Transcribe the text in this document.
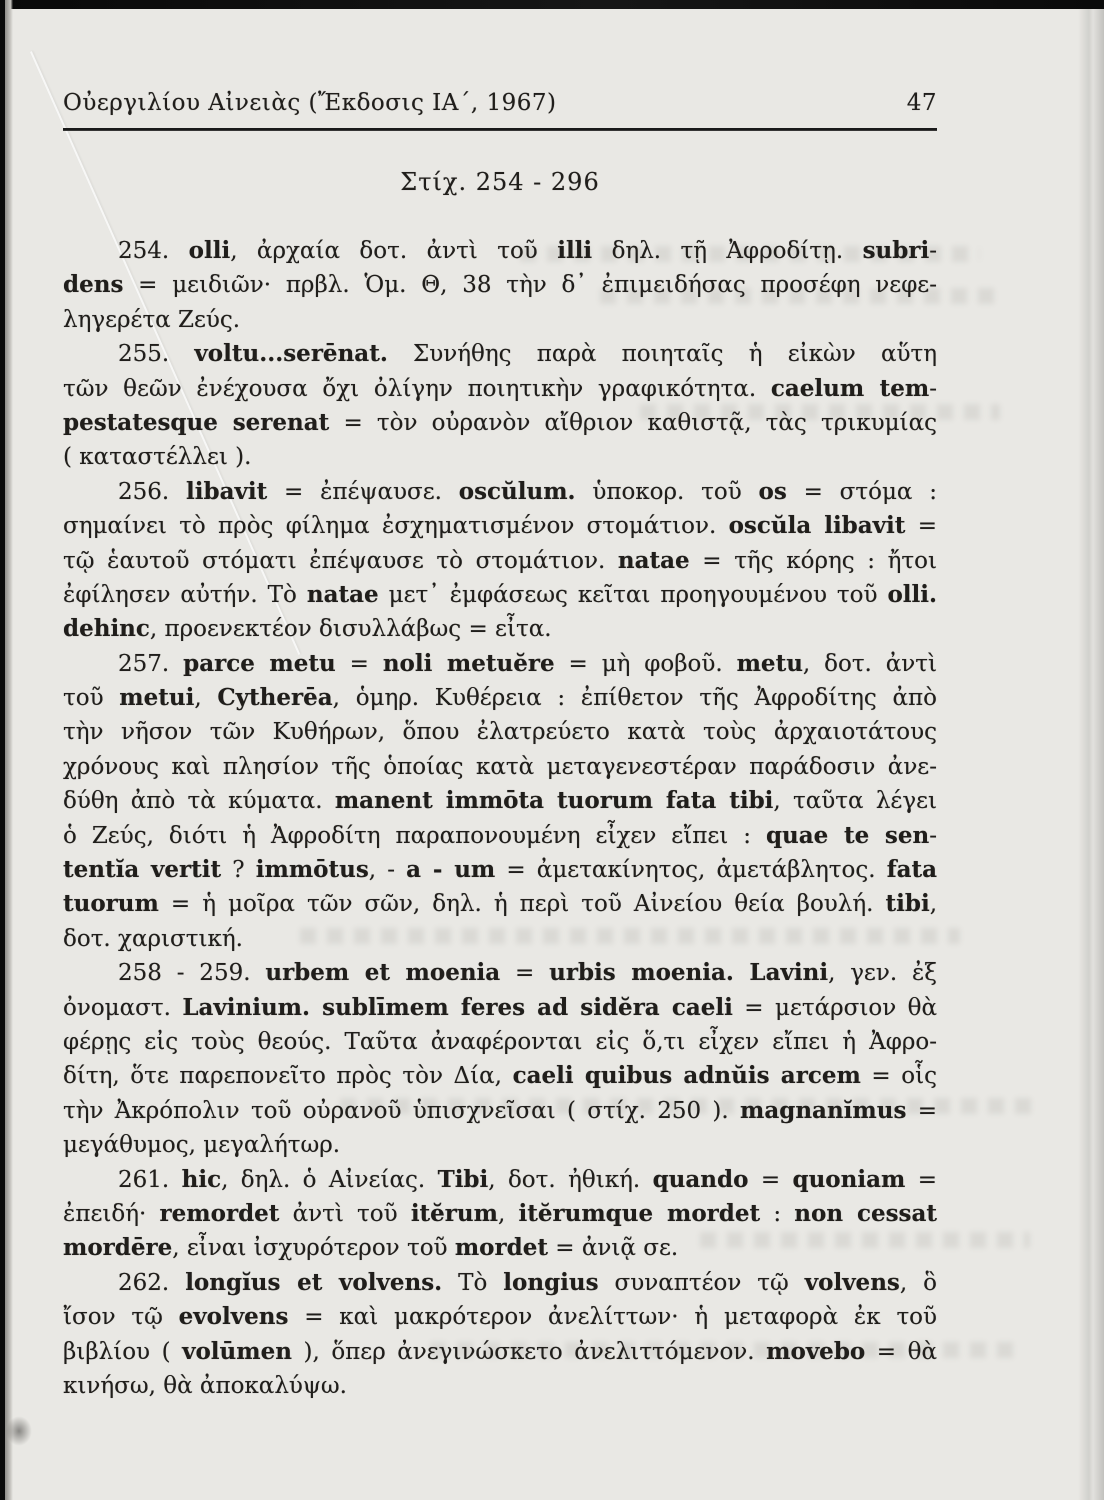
Οὐεργιλίου Αἰνειὰς (Ἔκδοσις ΙΑ΄, 1967)	47
Στίχ. 254 - 296
254. olli, ἀρχαία δοτ. ἀντὶ τοῦ illi δηλ. τῇ Ἀφροδίτῃ. subri-
dens = μειδιῶν· πρβλ. Ὁμ. Θ, 38 τὴν δ᾽ ἐπιμειδήσας προσέφη νεφε-
ληγερέτα Ζεύς.
255. voltu...serēnat. Συνήθης παρὰ ποιηταῖς ἡ εἰκὼν αὕτη
τῶν θεῶν ἐνέχουσα ὄχι ὀλίγην ποιητικὴν γραφικότητα. caelum tem-
pestatesque serenat = τὸν οὐρανὸν αἴθριον καθιστᾷ, τὰς τρικυμίας
( καταστέλλει ).
256. libavit = ἐπέψαυσε. oscŭlum. ὑποκορ. τοῦ os = στόμα :
σημαίνει τὸ πρὸς φίλημα ἐσχηματισμένον στομάτιον. oscŭla libavit =
τῷ ἑαυτοῦ στόματι ἐπέψαυσε τὸ στομάτιον. natae = τῆς κόρης : ἤτοι
ἐφίλησεν αὐτήν. Τὸ natae μετ᾽ ἐμφάσεως κεῖται προηγουμένου τοῦ olli.
dehinc, προενεκτέον δισυλλάβως = εἶτα.
257. parce metu = noli metuĕre = μὴ φοβοῦ. metu, δοτ. ἀντὶ
τοῦ metui, Cytherēa, ὁμηρ. Κυθέρεια : ἐπίθετον τῆς Ἀφροδίτης ἀπὸ
τὴν νῆσον τῶν Κυθήρων, ὅπου ἐλατρεύετο κατὰ τοὺς ἀρχαιοτάτους
χρόνους καὶ πλησίον τῆς ὁποίας κατὰ μεταγενεστέραν παράδοσιν ἀνε-
δύθη ἀπὸ τὰ κύματα. manent immōta tuorum fata tibi, ταῦτα λέγει
ὁ Ζεύς, διότι ἡ Ἀφροδίτη παραπονουμένη εἶχεν εἴπει : quae te sen-
tentĭa vertit ? immōtus, - a - um = ἀμετακίνητος, ἀμετάβλητος. fata
tuorum = ἡ μοῖρα τῶν σῶν, δηλ. ἡ περὶ τοῦ Αἰνείου θεία βουλή. tibi,
δοτ. χαριστική.
258 - 259. urbem et moenia = urbis moenia. Lavini, γεν. ἐξ
ὀνομαστ. Lavinium. sublīmem feres ad sidĕra caeli = μετάρσιον θὰ
φέρῃς εἰς τοὺς θεούς. Ταῦτα ἀναφέρονται εἰς ὅ,τι εἶχεν εἴπει ἡ Ἀφρο-
δίτη, ὅτε παρεπονεῖτο πρὸς τὸν Δία, caeli quibus adnŭis arcem = οἷς
τὴν Ἀκρόπολιν τοῦ οὐρανοῦ ὑπισχνεῖσαι ( στίχ. 250 ). magnanĭmus =
μεγάθυμος, μεγαλήτωρ.
261. hic, δηλ. ὁ Αἰνείας. Tibi, δοτ. ἠθική. quando = quoniam =
ἐπειδή· remordet ἀντὶ τοῦ itĕrum, itĕrumque mordet : non cessat
mordēre, εἶναι ἰσχυρότερον τοῦ mordet = ἀνιᾷ σε.
262. longĭus et volvens. Τὸ longius συναπτέον τῷ volvens, ὃ
ἴσον τῷ evolvens = καὶ μακρότερον ἀνελίττων· ἡ μεταφορὰ ἐκ τοῦ
βιβλίου ( volūmen ), ὅπερ ἀνεγινώσκετο ἀνελιττόμενον. movebo = θὰ
κινήσω, θὰ ἀποκαλύψω.
